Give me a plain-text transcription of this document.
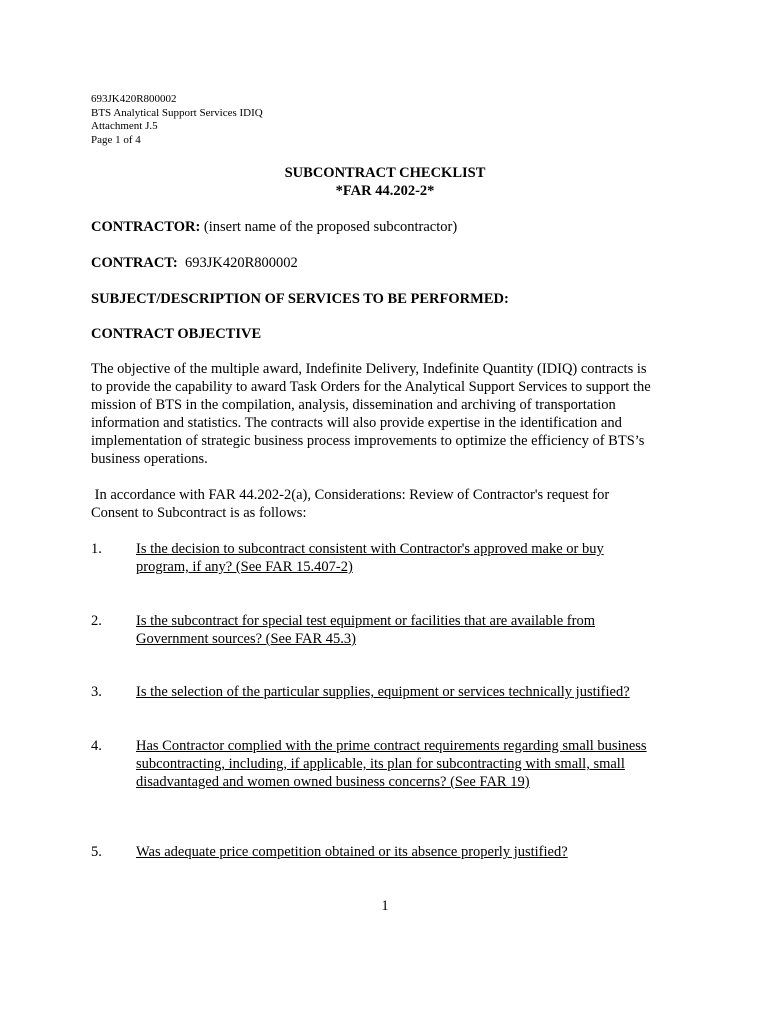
693JK420R800002
BTS Analytical Support Services IDIQ
Attachment J.5
Page 1 of 4
SUBCONTRACT CHECKLIST
*FAR 44.202-2*
CONTRACTOR: (insert name of the proposed subcontractor)
CONTRACT:  693JK420R800002
SUBJECT/DESCRIPTION OF SERVICES TO BE PERFORMED:
CONTRACT OBJECTIVE
The objective of the multiple award, Indefinite Delivery, Indefinite Quantity (IDIQ) contracts is
to provide the capability to award Task Orders for the Analytical Support Services to support the
mission of BTS in the compilation, analysis, dissemination and archiving of transportation
information and statistics. The contracts will also provide expertise in the identification and
implementation of strategic business process improvements to optimize the efficiency of BTS’s
business operations.
In accordance with FAR 44.202-2(a), Considerations: Review of Contractor's request for
Consent to Subcontract is as follows:
1.	Is the decision to subcontract consistent with Contractor's approved make or buy
program, if any? (See FAR 15.407-2)
2.	Is the subcontract for special test equipment or facilities that are available from
Government sources? (See FAR 45.3)
3.	Is the selection of the particular supplies, equipment or services technically justified?
4.	Has Contractor complied with the prime contract requirements regarding small business
subcontracting, including, if applicable, its plan for subcontracting with small, small
disadvantaged and women owned business concerns? (See FAR 19)
5.	Was adequate price competition obtained or its absence properly justified?
1
